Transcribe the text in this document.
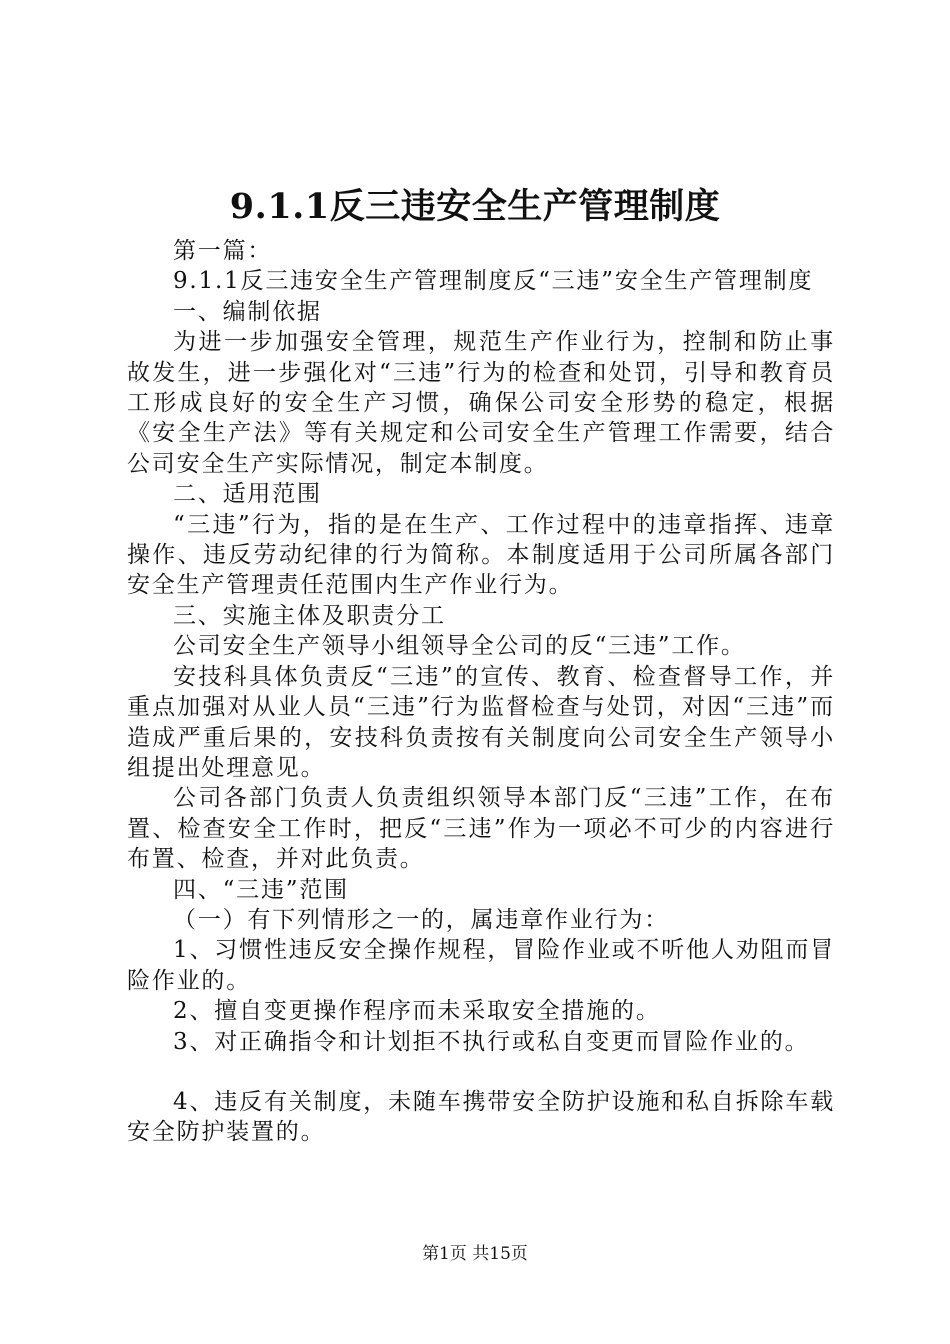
9.1.1反三违安全生产管理制度

第一篇：

9.1.1反三违安全生产管理制度反“三违”安全生产管理制度

一、编制依据

为进一步加强安全管理，规范生产作业行为，控制和防止事故发生，进一步强化对“三违”行为的检查和处罚，引导和教育员工形成良好的安全生产习惯，确保公司安全形势的稳定，根据《安全生产法》等有关规定和公司安全生产管理工作需要，结合公司安全生产实际情况，制定本制度。

二、适用范围

“三违”行为，指的是在生产、工作过程中的违章指挥、违章操作、违反劳动纪律的行为简称。本制度适用于公司所属各部门安全生产管理责任范围内生产作业行为。

三、实施主体及职责分工

公司安全生产领导小组领导全公司的反“三违”工作。

安技科具体负责反“三违”的宣传、教育、检查督导工作，并重点加强对从业人员“三违”行为监督检查与处罚，对因“三违”而造成严重后果的，安技科负责按有关制度向公司安全生产领导小组提出处理意见。

公司各部门负责人负责组织领导本部门反“三违”工作，在布置、检查安全工作时，把反“三违”作为一项必不可少的内容进行布置、检查，并对此负责。

四、“三违”范围

（一）有下列情形之一的，属违章作业行为：

1、习惯性违反安全操作规程，冒险作业或不听他人劝阻而冒险作业的。

2、擅自变更操作程序而未采取安全措施的。

3、对正确指令和计划拒不执行或私自变更而冒险作业的。

4、违反有关制度，未随车携带安全防护设施和私自拆除车载安全防护装置的。

第1页 共15页
